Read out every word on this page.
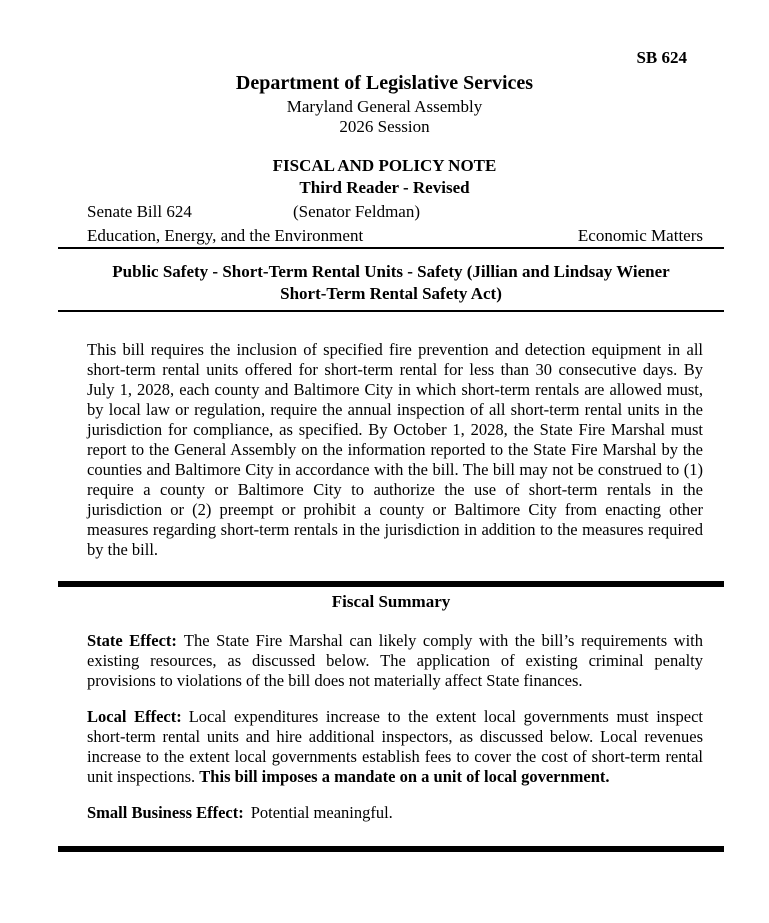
SB 624
Department of Legislative Services
Maryland General Assembly
2026 Session
FISCAL AND POLICY NOTE
Third Reader - Revised
Senate Bill 624	(Senator Feldman)
Education, Energy, and the Environment	Economic Matters
Public Safety - Short-Term Rental Units - Safety (Jillian and Lindsay Wiener
Short-Term Rental Safety Act)

This bill requires the inclusion of specified fire prevention and detection equipment in all short-term rental units offered for short-term rental for less than 30 consecutive days. By July 1, 2028, each county and Baltimore City in which short-term rentals are allowed must, by local law or regulation, require the annual inspection of all short-term rental units in the jurisdiction for compliance, as specified. By October 1, 2028, the State Fire Marshal must report to the General Assembly on the information reported to the State Fire Marshal by the counties and Baltimore City in accordance with the bill. The bill may not be construed to (1) require a county or Baltimore City to authorize the use of short-term rentals in the jurisdiction or (2) preempt or prohibit a county or Baltimore City from enacting other measures regarding short-term rentals in the jurisdiction in addition to the measures required by the bill.

Fiscal Summary

State Effect: The State Fire Marshal can likely comply with the bill’s requirements with existing resources, as discussed below. The application of existing criminal penalty provisions to violations of the bill does not materially affect State finances.

Local Effect: Local expenditures increase to the extent local governments must inspect short-term rental units and hire additional inspectors, as discussed below. Local revenues increase to the extent local governments establish fees to cover the cost of short-term rental unit inspections. This bill imposes a mandate on a unit of local government.

Small Business Effect: Potential meaningful.
